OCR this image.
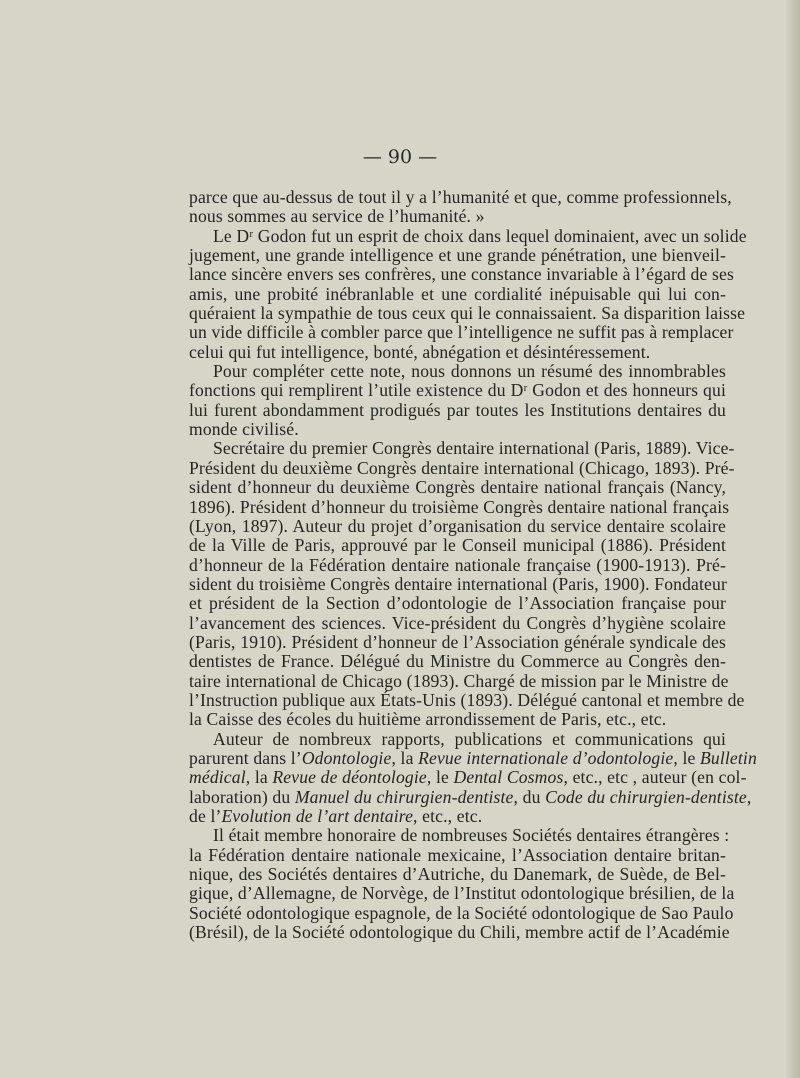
— 90 —
parce que au-dessus de tout il y a l’humanité et que, comme professionnels,
nous sommes au service de l’humanité. »
Le Dʳ Godon fut un esprit de choix dans lequel dominaient, avec un solide
jugement, une grande intelligence et une grande pénétration, une bienveil-
lance sincère envers ses confrères, une constance invariable à l’égard de ses
amis, une probité inébranlable et une cordialité inépuisable qui lui con-
quéraient la sympathie de tous ceux qui le connaissaient. Sa disparition laisse
un vide difficile à combler parce que l’intelligence ne suffit pas à remplacer
celui qui fut intelligence, bonté, abnégation et désintéressement.
Pour compléter cette note, nous donnons un résumé des innombrables
fonctions qui remplirent l’utile existence du Dʳ Godon et des honneurs qui
lui furent abondamment prodigués par toutes les Institutions dentaires du
monde civilisé.
Secrétaire du premier Congrès dentaire international (Paris, 1889). Vice-
Président du deuxième Congrès dentaire international (Chicago, 1893). Pré-
sident d’honneur du deuxième Congrès dentaire national français (Nancy,
1896). Président d’honneur du troisième Congrès dentaire national français
(Lyon, 1897). Auteur du projet d’organisation du service dentaire scolaire
de la Ville de Paris, approuvé par le Conseil municipal (1886). Président
d’honneur de la Fédération dentaire nationale française (1900-1913). Pré-
sident du troisième Congrès dentaire international (Paris, 1900). Fondateur
et président de la Section d’odontologie de l’Association française pour
l’avancement des sciences. Vice-président du Congrès d’hygiène scolaire
(Paris, 1910). Président d’honneur de l’Association générale syndicale des
dentistes de France. Délégué du Ministre du Commerce au Congrès den-
taire international de Chicago (1893). Chargé de mission par le Ministre de
l’Instruction publique aux États-Unis (1893). Délégué cantonal et membre de
la Caisse des écoles du huitième arrondissement de Paris, etc., etc.
Auteur de nombreux rapports, publications et communications qui
parurent dans l’Odontologie, la Revue internationale d’odontologie, le Bulletin
médical, la Revue de déontologie, le Dental Cosmos, etc., etc , auteur (en col-
laboration) du Manuel du chirurgien-dentiste, du Code du chirurgien-dentiste,
de l’Evolution de l’art dentaire, etc., etc.
Il était membre honoraire de nombreuses Sociétés dentaires étrangères :
la Fédération dentaire nationale mexicaine, l’Association dentaire britan-
nique, des Sociétés dentaires d’Autriche, du Danemark, de Suède, de Bel-
gique, d’Allemagne, de Norvège, de l’Institut odontologique brésilien, de la
Société odontologique espagnole, de la Société odontologique de Sao Paulo
(Brésil), de la Société odontologique du Chili, membre actif de l’Académie
